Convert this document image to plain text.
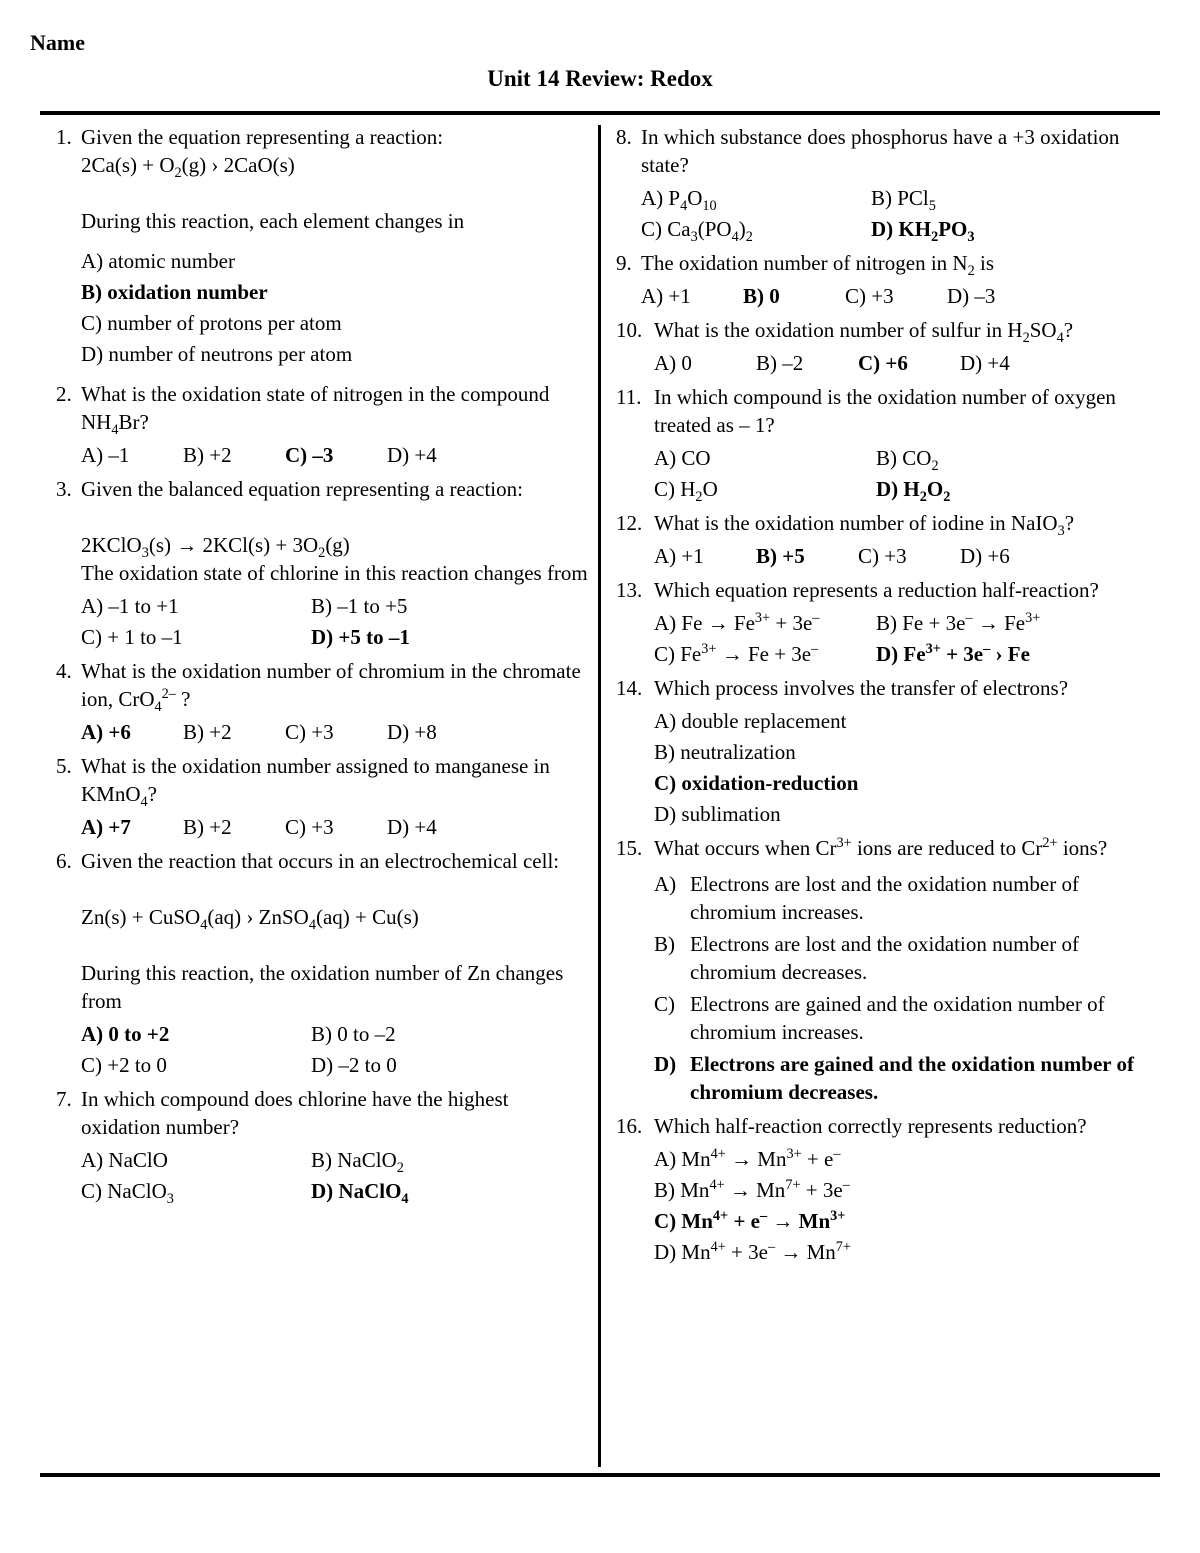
Name
Unit 14 Review: Redox
1. Given the equation representing a reaction:
$2Ca(s) + O_2(g)$ › 2CaO(s)
During this reaction, each element changes in
A) atomic number
B) oxidation number
C) number of protons per atom
D) number of neutrons per atom
2. What is the oxidation state of nitrogen in the compound $NH_4Br$?
A) –1	B) +2	C) –3	D) +4
3. Given the balanced equation representing a reaction:
2KClO$_3$(s) → $2KCl(s) + 3O_2(g)$
The oxidation state of chlorine in this reaction changes from
A) –1 to +1	B) –1 to +5
C) + 1 to –1	D) +5 to –1
4. What is the oxidation number of chromium in the chromate ion, CrO$_4^{2-}$ ?
A) +6	B) +2	C) +3	D) +8
5. What is the oxidation number assigned to manganese in KMnO$_4$?
A) +7	B) +2	C) +3	D) +4
6. Given the reaction that occurs in an electrochemical cell:
Zn(s) + CuSO$_4$(aq) › ZnSO$_4$(aq) + Cu(s)
During this reaction, the oxidation number of Zn changes from
A) 0 to +2	B) 0 to –2
C) +2 to 0	D) –2 to 0
7. In which compound does chlorine have the highest oxidation number?
A) NaClO	B) NaClO$_2$
C) NaClO$_3$	D) NaClO$_4$
8. In which substance does phosphorus have a +3 oxidation state?
A) $P_4O_{10}$	B) PCl$_5$
C) $Ca_3(PO_4)_2$	D) $KH_2PO_3$
9. The oxidation number of nitrogen in $N_2$ is
A) +1	B) 0	C) +3	D) –3
10. What is the oxidation number of sulfur in $H_2SO_4$?
A) 0	B) –2	C) +6	D) +4
11. In which compound is the oxidation number of oxygen treated as – 1?
A) CO	B) $CO_2$
C) $H_2O$	D) $H_2O_2$
12. What is the oxidation number of iodine in NaIO$_3$?
A) +1	B) +5	C) +3	D) +6
13. Which equation represents a reduction half-reaction?
A) $Fe \to Fe^{3+} + 3e^-$	B) $Fe + 3e^- \to Fe^{3+}$
C) $Fe^{3+} \to Fe + 3e^-$	D) $Fe^{3+} + 3e^-$ › Fe
14. Which process involves the transfer of electrons?
A) double replacement
B) neutralization
C) oxidation-reduction
D) sublimation
15. What occurs when $Cr^{3+}$ ions are reduced to $Cr^{2+}$ ions?
A) Electrons are lost and the oxidation number of chromium increases.
B) Electrons are lost and the oxidation number of chromium decreases.
C) Electrons are gained and the oxidation number of chromium increases.
D) Electrons are gained and the oxidation number of chromium decreases.
16. Which half-reaction correctly represents reduction?
A) $Mn^{4+} \to Mn^{3+} + e^-$
B) $Mn^{4+} \to Mn^{7+} + 3e^-$
C) $Mn^{4+} + e^- \to Mn^{3+}$
D) $Mn^{4+} + 3e^- \to Mn^{7+}$
